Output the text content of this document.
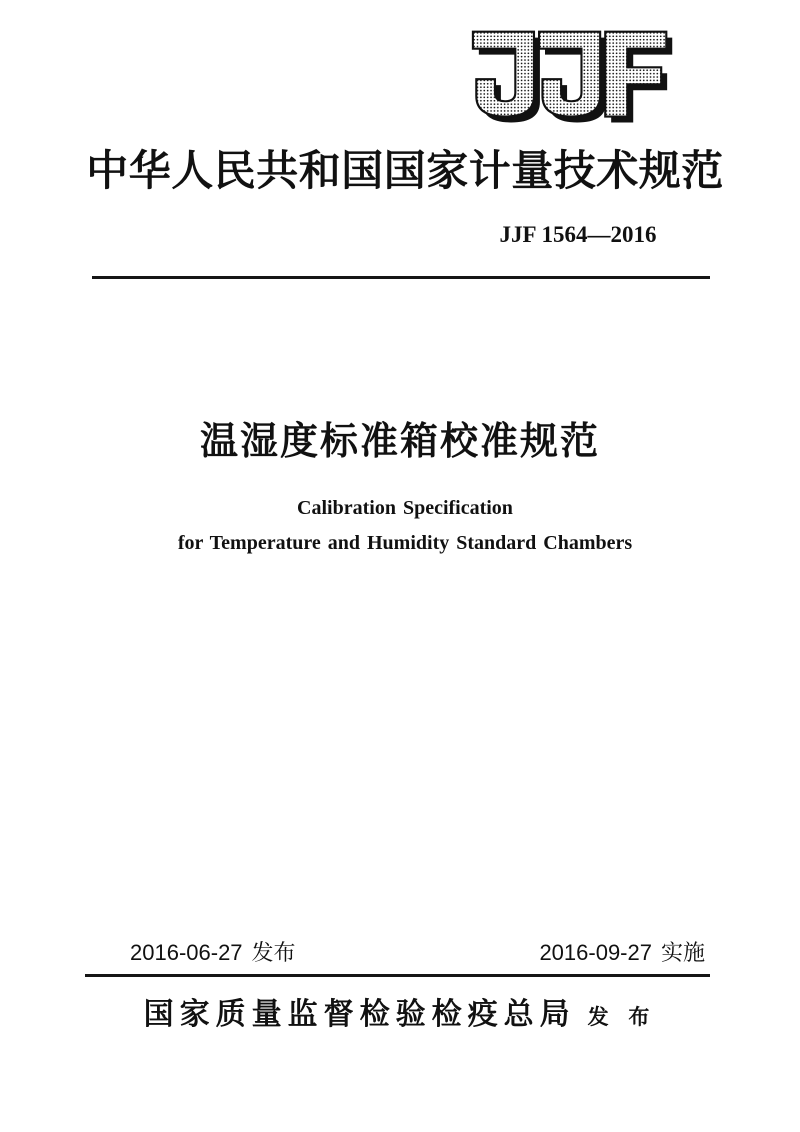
中华人民共和国国家计量技术规范
JJF 1564—2016
温湿度标准箱校准规范
Calibration Specification
for Temperature and Humidity Standard Chambers
2016-06-27 发布	2016-09-27 实施
国家质量监督检验检疫总局 发 布
